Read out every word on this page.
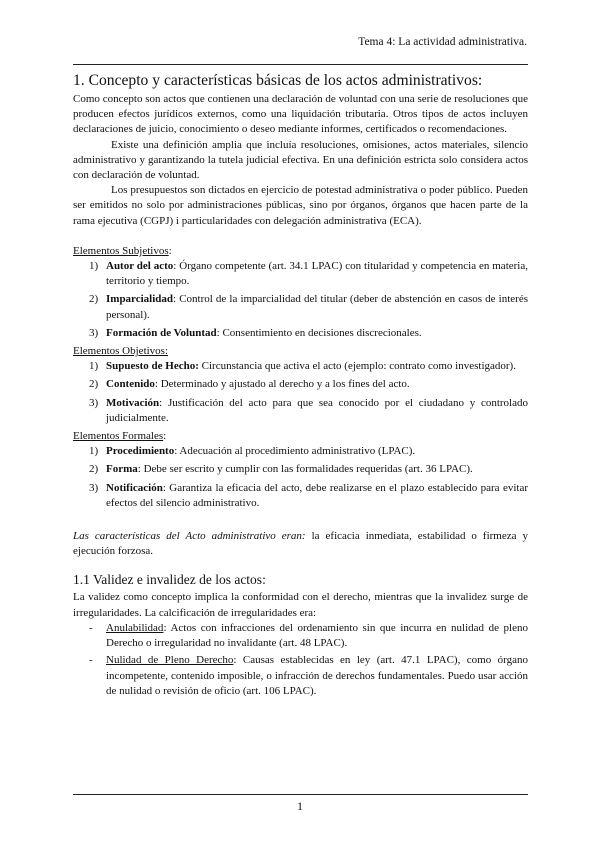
Tema 4: La actividad administrativa.
1. Concepto y características básicas de los actos administrativos:

Como concepto son actos que contienen una declaración de voluntad con una serie de resoluciones que producen efectos jurídicos externos, como una liquidación tributaria. Otros tipos de actos incluyen declaraciones de juicio, conocimiento o deseo mediante informes, certificados o recomendaciones.

Existe una definición amplia que incluía resoluciones, omisiones, actos materiales, silencio administrativo y garantizando la tutela judicial efectiva. En una definición estricta solo considera actos con declaración de voluntad.

Los presupuestos son dictados en ejercicio de potestad administrativa o poder público. Pueden ser emitidos no solo por administraciones públicas, sino por órganos, órganos que hacen parte de la rama ejecutiva (CGPJ) i particularidades con delegación administrativa (ECA).

Elementos Subjetivos:
1) Autor del acto: Órgano competente (art. 34.1 LPAC) con titularidad y competencia en materia, territorio y tiempo.
2) Imparcialidad: Control de la imparcialidad del titular (deber de abstención en casos de interés personal).
3) Formación de Voluntad: Consentimiento en decisiones discrecionales.
Elementos Objetivos:
1) Supuesto de Hecho: Circunstancia que activa el acto (ejemplo: contrato como investigador).
2) Contenido: Determinado y ajustado al derecho y a los fines del acto.
3) Motivación: Justificación del acto para que sea conocido por el ciudadano y controlado judicialmente.
Elementos Formales:
1) Procedimiento: Adecuación al procedimiento administrativo (LPAC).
2) Forma: Debe ser escrito y cumplir con las formalidades requeridas (art. 36 LPAC).
3) Notificación: Garantiza la eficacia del acto, debe realizarse en el plazo establecido para evitar efectos del silencio administrativo.

Las características del Acto administrativo eran: la eficacia inmediata, estabilidad o firmeza y ejecución forzosa.

1.1 Validez e invalidez de los actos:

La validez como concepto implica la conformidad con el derecho, mientras que la invalidez surge de irregularidades. La calcificación de irregularidades era:

- Anulabilidad: Actos con infracciones del ordenamiento sin que incurra en nulidad de pleno Derecho o irregularidad no invalidante (art. 48 LPAC).
- Nulidad de Pleno Derecho: Causas establecidas en ley (art. 47.1 LPAC), como órgano incompetente, contenido imposible, o infracción de derechos fundamentales. Puedo usar acción de nulidad o revisión de oficio (art. 106 LPAC).
1
